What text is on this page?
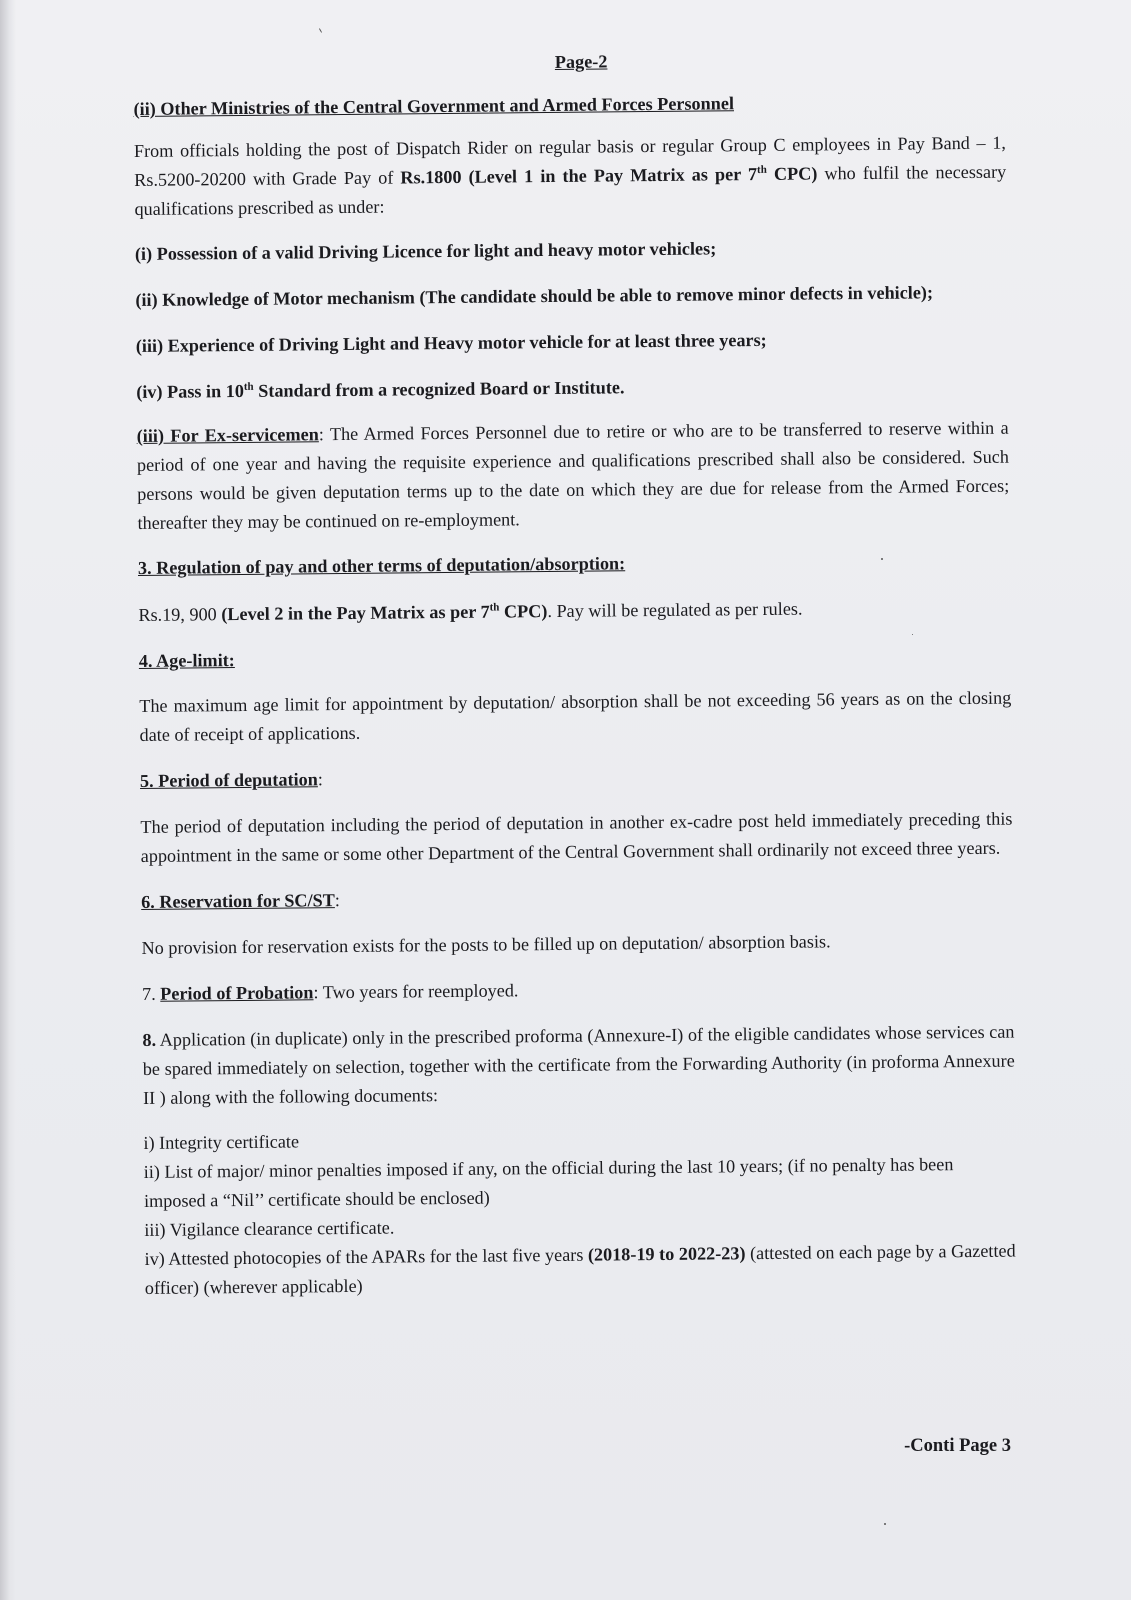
Page-2

(ii) Other Ministries of the Central Government and Armed Forces Personnel

From officials holding the post of Dispatch Rider on regular basis or regular Group C employees in Pay Band – 1, Rs.5200-20200 with Grade Pay of Rs.1800 (Level 1 in the Pay Matrix as per 7th CPC) who fulfil the necessary qualifications prescribed as under:

(i) Possession of a valid Driving Licence for light and heavy motor vehicles;

(ii) Knowledge of Motor mechanism (The candidate should be able to remove minor defects in vehicle);

(iii) Experience of Driving Light and Heavy motor vehicle for at least three years;

(iv) Pass in 10th Standard from a recognized Board or Institute.

(iii) For Ex-servicemen: The Armed Forces Personnel due to retire or who are to be transferred to reserve within a period of one year and having the requisite experience and qualifications prescribed shall also be considered. Such persons would be given deputation terms up to the date on which they are due for release from the Armed Forces; thereafter they may be continued on re-employment.

3. Regulation of pay and other terms of deputation/absorption:

Rs.19, 900 (Level 2 in the Pay Matrix as per 7th CPC). Pay will be regulated as per rules.

4. Age-limit:

The maximum age limit for appointment by deputation/ absorption shall be not exceeding 56 years as on the closing date of receipt of applications.

5. Period of deputation:

The period of deputation including the period of deputation in another ex-cadre post held immediately preceding this appointment in the same or some other Department of the Central Government shall ordinarily not exceed three years.

6. Reservation for SC/ST:

No provision for reservation exists for the posts to be filled up on deputation/ absorption basis.

7. Period of Probation: Two years for reemployed.

8. Application (in duplicate) only in the prescribed proforma (Annexure-I) of the eligible candidates whose services can be spared immediately on selection, together with the certificate from the Forwarding Authority (in proforma Annexure II ) along with the following documents:

i) Integrity certificate

ii) List of major/ minor penalties imposed if any, on the official during the last 10 years; (if no penalty has been imposed a “Nil’’ certificate should be enclosed)

iii) Vigilance clearance certificate.

iv) Attested photocopies of the APARs for the last five years (2018-19 to 2022-23) (attested on each page by a Gazetted officer) (wherever applicable)

-Conti Page 3
